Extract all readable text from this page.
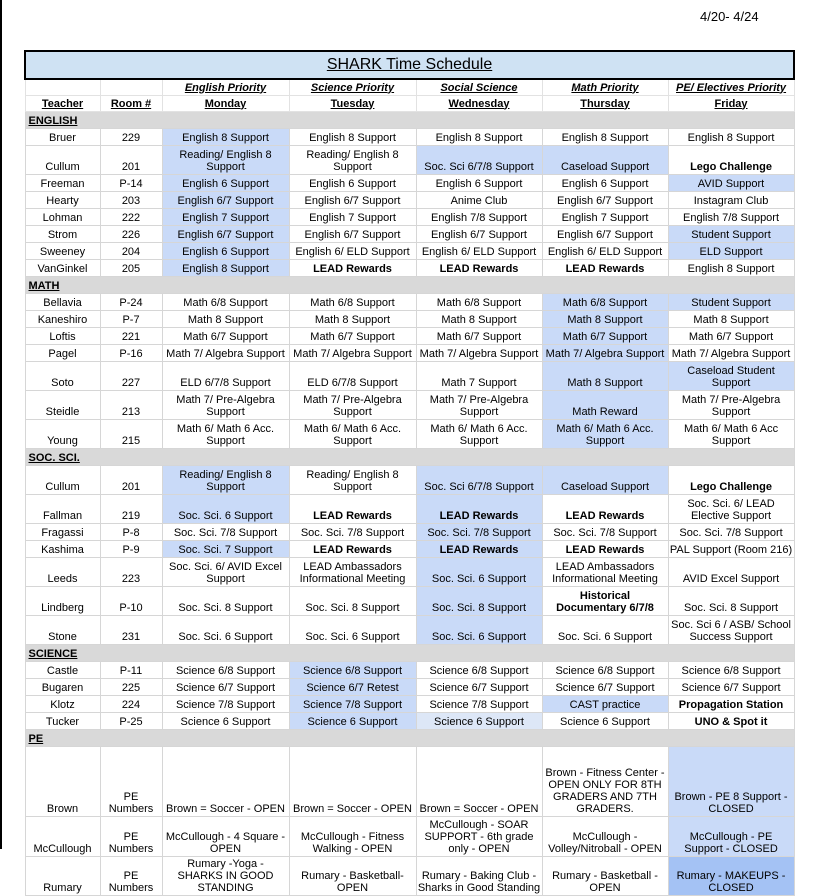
4/20- 4/24
SHARK Time Schedule						
		English Priority	Science Priority	Social Science	Math Priority	PE/ Electives Priority
Teacher	Room #	Monday	Tuesday	Wednesday	Thursday	Friday
ENGLISH						
Bruer	229	English 8 Support	English 8 Support	English 8 Support	English 8 Support	English 8 Support
Cullum	201	Reading/ English 8 Support	Reading/ English 8 Support	Soc. Sci 6/7/8 Support	Caseload Support	Lego Challenge
Freeman	P-14	English 6 Support	English 6 Support	English 6 Support	English 6 Support	AVID Support
Hearty	203	English 6/7 Support	English 6/7 Support	Anime Club	English 6/7 Support	Instagram Club
Lohman	222	English 7 Support	English 7 Support	English 7/8 Support	English 7 Support	English 7/8 Support
Strom	226	English 6/7 Support	English 6/7 Support	English 6/7 Support	English 6/7 Support	Student Support
Sweeney	204	English 6 Support	English 6/ ELD Support	English 6/ ELD Support	English 6/ ELD Support	ELD Support
VanGinkel	205	English 8 Support	LEAD Rewards	LEAD Rewards	LEAD Rewards	English 8 Support
MATH						
Bellavia	P-24	Math 6/8 Support	Math 6/8 Support	Math 6/8 Support	Math 6/8 Support	Student Support
Kaneshiro	P-7	Math 8 Support	Math 8 Support	Math 8 Support	Math 8 Support	Math 8 Support
Loftis	221	Math 6/7 Support	Math 6/7 Support	Math 6/7 Support	Math 6/7 Support	Math 6/7 Support
Pagel	P-16	Math 7/ Algebra Support	Math 7/ Algebra Support	Math 7/ Algebra Support	Math 7/ Algebra Support	Math 7/ Algebra Support
Soto	227	ELD 6/7/8 Support	ELD 6/7/8 Support	Math 7 Support	Math 8 Support	Caseload Student Support
Steidle	213	Math 7/ Pre-Algebra Support	Math 7/ Pre-Algebra Support	Math 7/ Pre-Algebra Support	Math Reward	Math 7/ Pre-Algebra Support
Young	215	Math 6/ Math 6 Acc. Support	Math 6/ Math 6 Acc. Support	Math 6/ Math 6 Acc. Support	Math 6/ Math 6 Acc. Support	Math 6/ Math 6 Acc Support
SOC. SCI.						
Cullum	201	Reading/ English 8 Support	Reading/ English 8 Support	Soc. Sci 6/7/8 Support	Caseload Support	Lego Challenge
Fallman	219	Soc. Sci. 6 Support	LEAD Rewards	LEAD Rewards	LEAD Rewards	Soc. Sci. 6/ LEAD Elective Support
Fragassi	P-8	Soc. Sci. 7/8 Support	Soc. Sci. 7/8 Support	Soc. Sci. 7/8 Support	Soc. Sci. 7/8 Support	Soc. Sci. 7/8 Support
Kashima	P-9	Soc. Sci. 7 Support	LEAD Rewards	LEAD Rewards	LEAD Rewards	PAL Support (Room 216)
Leeds	223	Soc. Sci. 6/ AVID Excel Support	LEAD Ambassadors Informational Meeting	Soc. Sci. 6 Support	LEAD Ambassadors Informational Meeting	AVID Excel Support
Lindberg	P-10	Soc. Sci. 8 Support	Soc. Sci. 8 Support	Soc. Sci. 8 Support	Historical Documentary 6/7/8	Soc. Sci. 8 Support
Stone	231	Soc. Sci. 6 Support	Soc. Sci. 6 Support	Soc. Sci. 6 Support	Soc. Sci. 6 Support	Soc. Sci 6 / ASB/ School Success Support
SCIENCE						
Castle	P-11	Science 6/8 Support	Science 6/8 Support	Science 6/8 Support	Science 6/8 Support	Science 6/8 Support
Bugaren	225	Science 6/7 Support	Science 6/7 Retest	Science 6/7 Support	Science 6/7 Support	Science 6/7 Support
Klotz	224	Science 7/8 Support	Science 7/8 Support	Science 7/8 Support	CAST practice	Propagation Station
Tucker	P-25	Science 6 Support	Science 6 Support	Science 6 Support	Science 6 Support	UNO & Spot it
PE						
Brown	PE Numbers	Brown = Soccer - OPEN	Brown = Soccer - OPEN	Brown = Soccer - OPEN	Brown - Fitness Center - OPEN ONLY FOR 8TH GRADERS AND 7TH GRADERS.	Brown - PE 8 Support - CLOSED
McCullough	PE Numbers	McCullough - 4 Square - OPEN	McCullough - Fitness Walking - OPEN	McCullough - SOAR SUPPORT - 6th grade only - OPEN	McCullough - Volley/Nitroball - OPEN	McCullough - PE Support - CLOSED
Rumary	PE Numbers	Rumary -Yoga - SHARKS IN GOOD STANDING	Rumary - Basketball- OPEN	Rumary - Baking Club - Sharks in Good Standing	Rumary - Basketball - OPEN	Rumary - MAKEUPS - CLOSED
